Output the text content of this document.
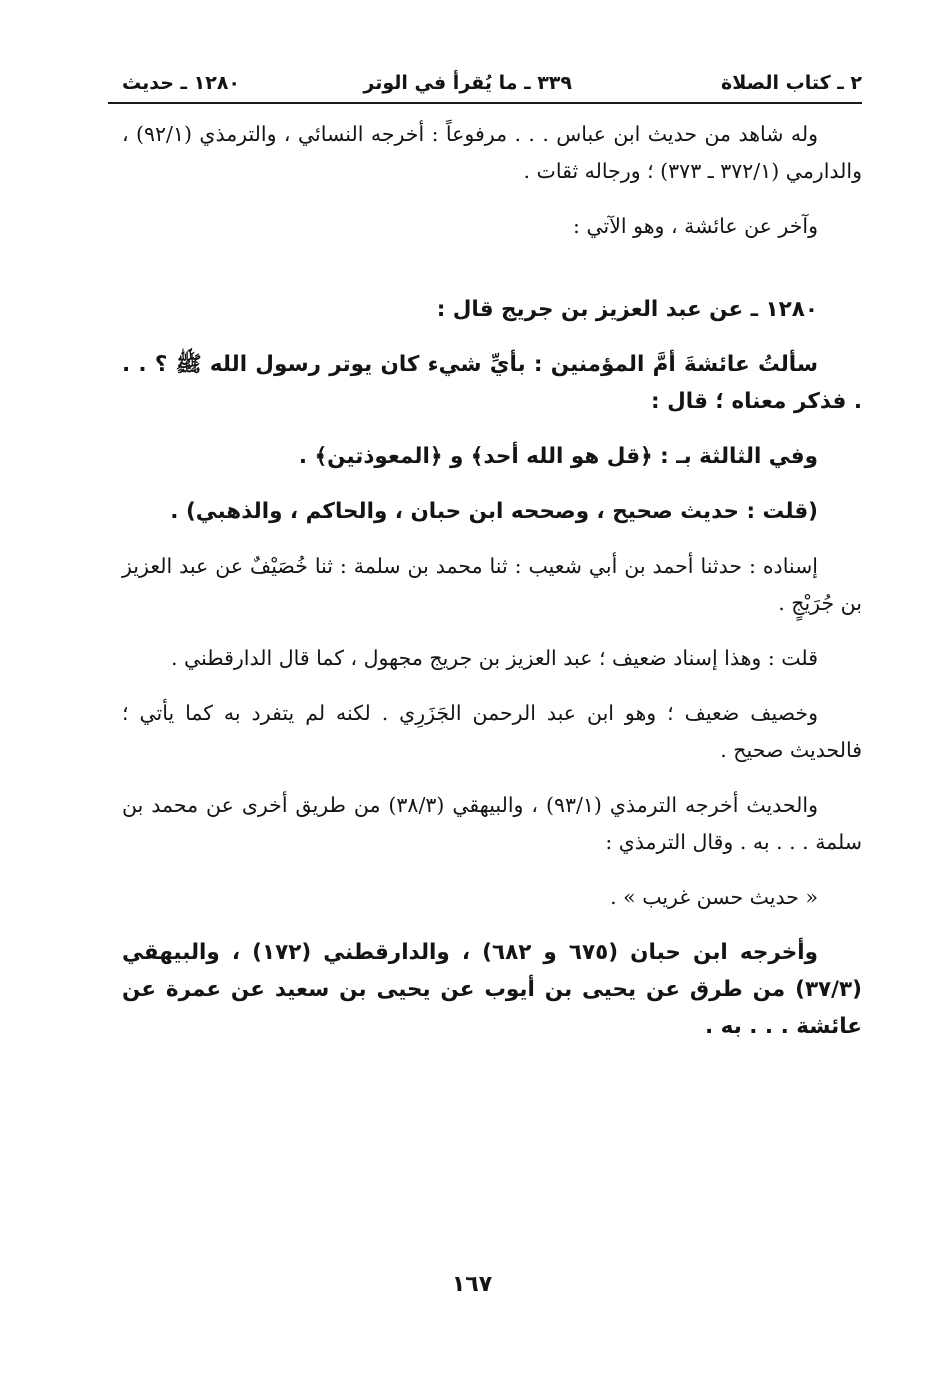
٢ ـ كتاب الصلاة
٣٣٩ ـ ما يُقرأ في الوتر
١٢٨٠ ـ حديث

وله شاهد من حديث ابن عباس . . . مرفوعاً : أخرجه النسائي ، والترمذي (٩٢/١) ، والدارمي (٣٧٢/١ ـ ٣٧٣) ؛ ورجاله ثقات .

وآخر عن عائشة ، وهو الآتي :

١٢٨٠ ـ عن عبد العزيز بن جريج قال :

سألتُ عائشةَ أمَّ المؤمنين : بأيِّ شيء كان يوتر رسول الله ﷺ ؟ . . . فذكر معناه ؛ قال :

وفي الثالثة بـ : ﴿قل هو الله أحد﴾ و ﴿المعوذتين﴾ .

(قلت : حديث صحيح ، وصححه ابن حبان ، والحاكم ، والذهبي) .

إسناده : حدثنا أحمد بن أبي شعيب : ثنا محمد بن سلمة : ثنا خُصَيْفٌ عن عبد العزيز بن جُرَيْجٍ .

قلت : وهذا إسناد ضعيف ؛ عبد العزيز بن جريج مجهول ، كما قال الدارقطني .

وخصيف ضعيف ؛ وهو ابن عبد الرحمن الجَزَرِي . لكنه لم يتفرد به كما يأتي ؛ فالحديث صحيح .

والحديث أخرجه الترمذي (٩٣/١) ، والبيهقي (٣٨/٣) من طريق أخرى عن محمد بن سلمة . . . به . وقال الترمذي :

« حديث حسن غريب » .

وأخرجه ابن حبان (٦٧٥ و ٦٨٢) ، والدارقطني (١٧٢) ، والبيهقي (٣٧/٣) من طرق عن يحيى بن أيوب عن يحيى بن سعيد عن عمرة عن عائشة . . . به .

١٦٧
